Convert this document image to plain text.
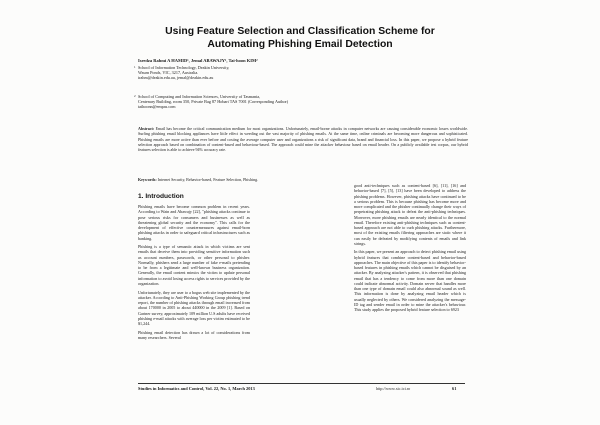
Using Feature Selection and Classification Scheme for
Automating Phishing Email Detection
Isredza Rahmi A HAMID¹, Jemal ABAWAJY¹, Tai-hoon KIM²
1 School of Information Technology, Deakin University,
Waurn Ponds, VIC, 3217, Australia.
irahm@deakin.edu.au, jemal@deakin.edu.au
2 School of Computing and Information Sciences, University of Tasmania,
Centenary Building, room 350, Private Bag 87 Hobart TAS 7001 (Corresponding Author)
taihoonn@empas.com
Abstract: Email has become the critical communication medium for most organizations. Unfortunately, email-borne attacks in computer networks are causing considerable economic losses worldwide. Surfing phishing email blocking appliances have little effect in weeding out the vast majority of phishing emails. At the same time, online criminals are becoming more dangerous and sophisticated. Phishing emails are more active than ever before and costing the average computer user and organizations a risk of significant data, brand and financial loss. In this paper, we propose a hybrid feature selection approach based on combination of content-based and behaviour-based. The approach could mine the attacker behaviour based on email header. On a publicly available test corpus, our hybrid features selection is able to achieve 94% accuracy rate.
Keywords: Internet Security, Behavior-based, Feature Selection, Phishing.
1. Introduction

Phishing emails have become common problem in recent years. According to Wain and Abawajy [22], "phishing attacks continue to pose serious risks for consumers and businesses as well as threatening global security and the economy". This calls for the development of effective countermeasures against email-born phishing attacks in order to safeguard critical infrastructures such as banking.

Phishing is a type of semantic attack in which victims are sent emails that deceive them into providing sensitive information such as account numbers, passwords, or other personal to phisher. Normally, phishers send a large number of fake e-mails pretending to be from a legitimate and well-known business organization. Generally, the email content mimics the victim to update personal information to avoid losing access rights to services provided by the organization.

Unfortunately, they are user to a bogus web site implemented by the attacker. According to Anti-Phishing Working Group phishing trend report, the number of phishing attacks through email increased from about 170000 in 2005 to about 440000 in the 2009 [1]. Based on Gartner survey, approximately 109 million U.S adults have received phishing e-mail attacks with average loss per victim estimated to be $1,244.

Phishing email detection has drawn a lot of considerations from many researchers. Several

good anti-techniques such as content-based [6], [11], [16] and behavior-based [7], [5], [13] have been developed to address the phishing problems. However, phishing attacks have continued to be a serious problem. This is because phishing has become more and more complicated and the phisher continually change their ways of perpetrating phishing attack to defeat the anti-phishing techniques. Moreover, more phishing emails are nearly identical to the normal email. Therefore existing anti-phishing techniques such as content-based approach are not able to curb phishing attacks. Furthermore, most of the existing emails filtering approaches are static where it can easily be defeated by modifying contents of emails and link strings.

In this paper, we present an approach to detect phishing email using hybrid features that combine content-based and behavior-based approaches. The main objective of this paper is to identify behavior-based features in phishing emails which cannot be disguised by an attacker. By analyzing attacker's pattern, it is observed that phishing email that has a tendency to come from more than one domain could indicate abnormal activity. Domain server that handles more than one type of domain email could also abnormal sound as well. This information is done by analyzing email header which is usually neglected by others. We considered analyzing the message-ID tag and sender email in order to mine the attacker's behaviour. This study applies the proposed hybrid feature selection to 6923

Studies in Informatics and Control, Vol. 22, No. 1, March 2013	http://www.sic.ici.ro	61
